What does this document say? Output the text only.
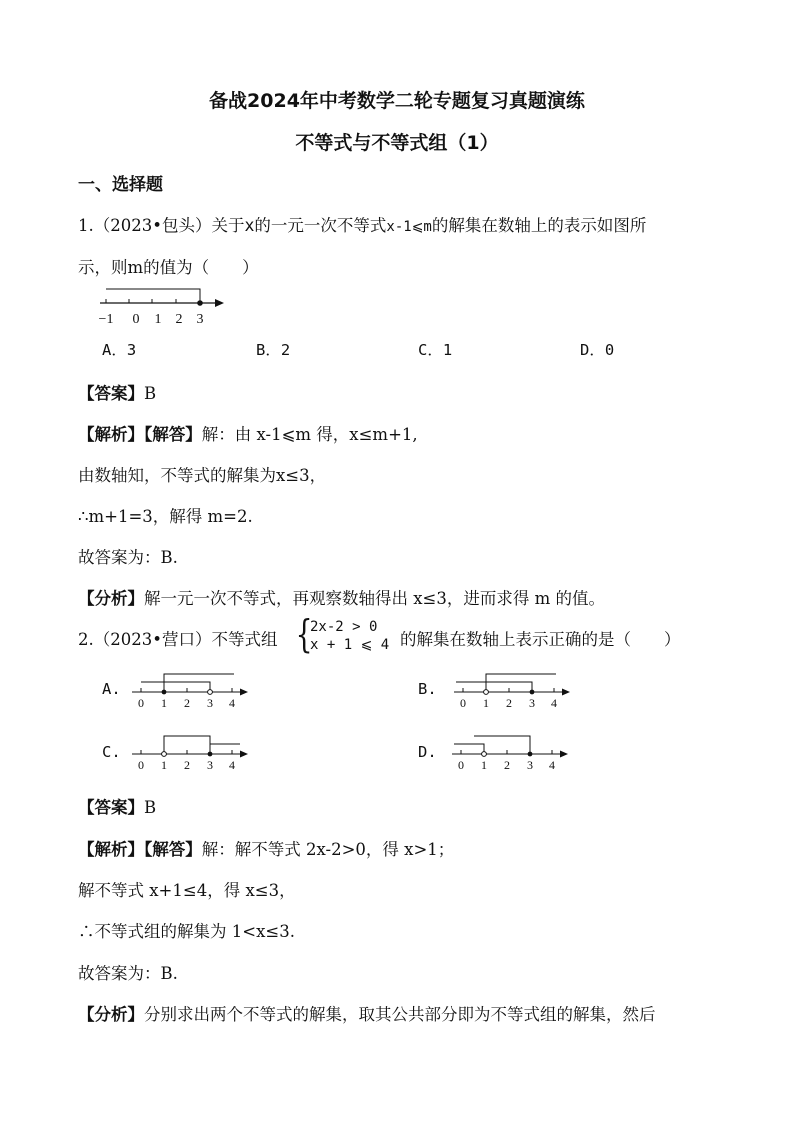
备战2024年中考数学二轮专题复习真题演练
不等式与不等式组（1）
一、选择题
1.（2023•包头）关于x的一元一次不等式x-1⩽m的解集在数轴上的表示如图所
示，则m的值为（　　）
−1 0 1 2 3
A．3	B．2	C．1	D．0
【答案】B
【解析】【解答】解：由 x-1⩽m 得，x≤m+1,
由数轴知，不等式的解集为x≤3，
∴m+1=3，解得 m=2.
故答案为：B.
【分析】解一元一次不等式，再观察数轴得出 x≤3，进而求得 m 的值。
2.（2023•营口）不等式组 {
2x-2 > 0
x + 1 ⩽ 4 的解集在数轴上表示正确的是（　　）
A.
0 1 2 3 4
B.
0 1 2 3 4
C.
0 1 2 3 4
D.
0 1 2 3 4
【答案】B
【解析】【解答】解：解不等式 2x-2>0，得 x>1；
解不等式 x+1≤4，得 x≤3，
∴不等式组的解集为 1<x≤3.
故答案为：B.
【分析】分别求出两个不等式的解集，取其公共部分即为不等式组的解集，然后
